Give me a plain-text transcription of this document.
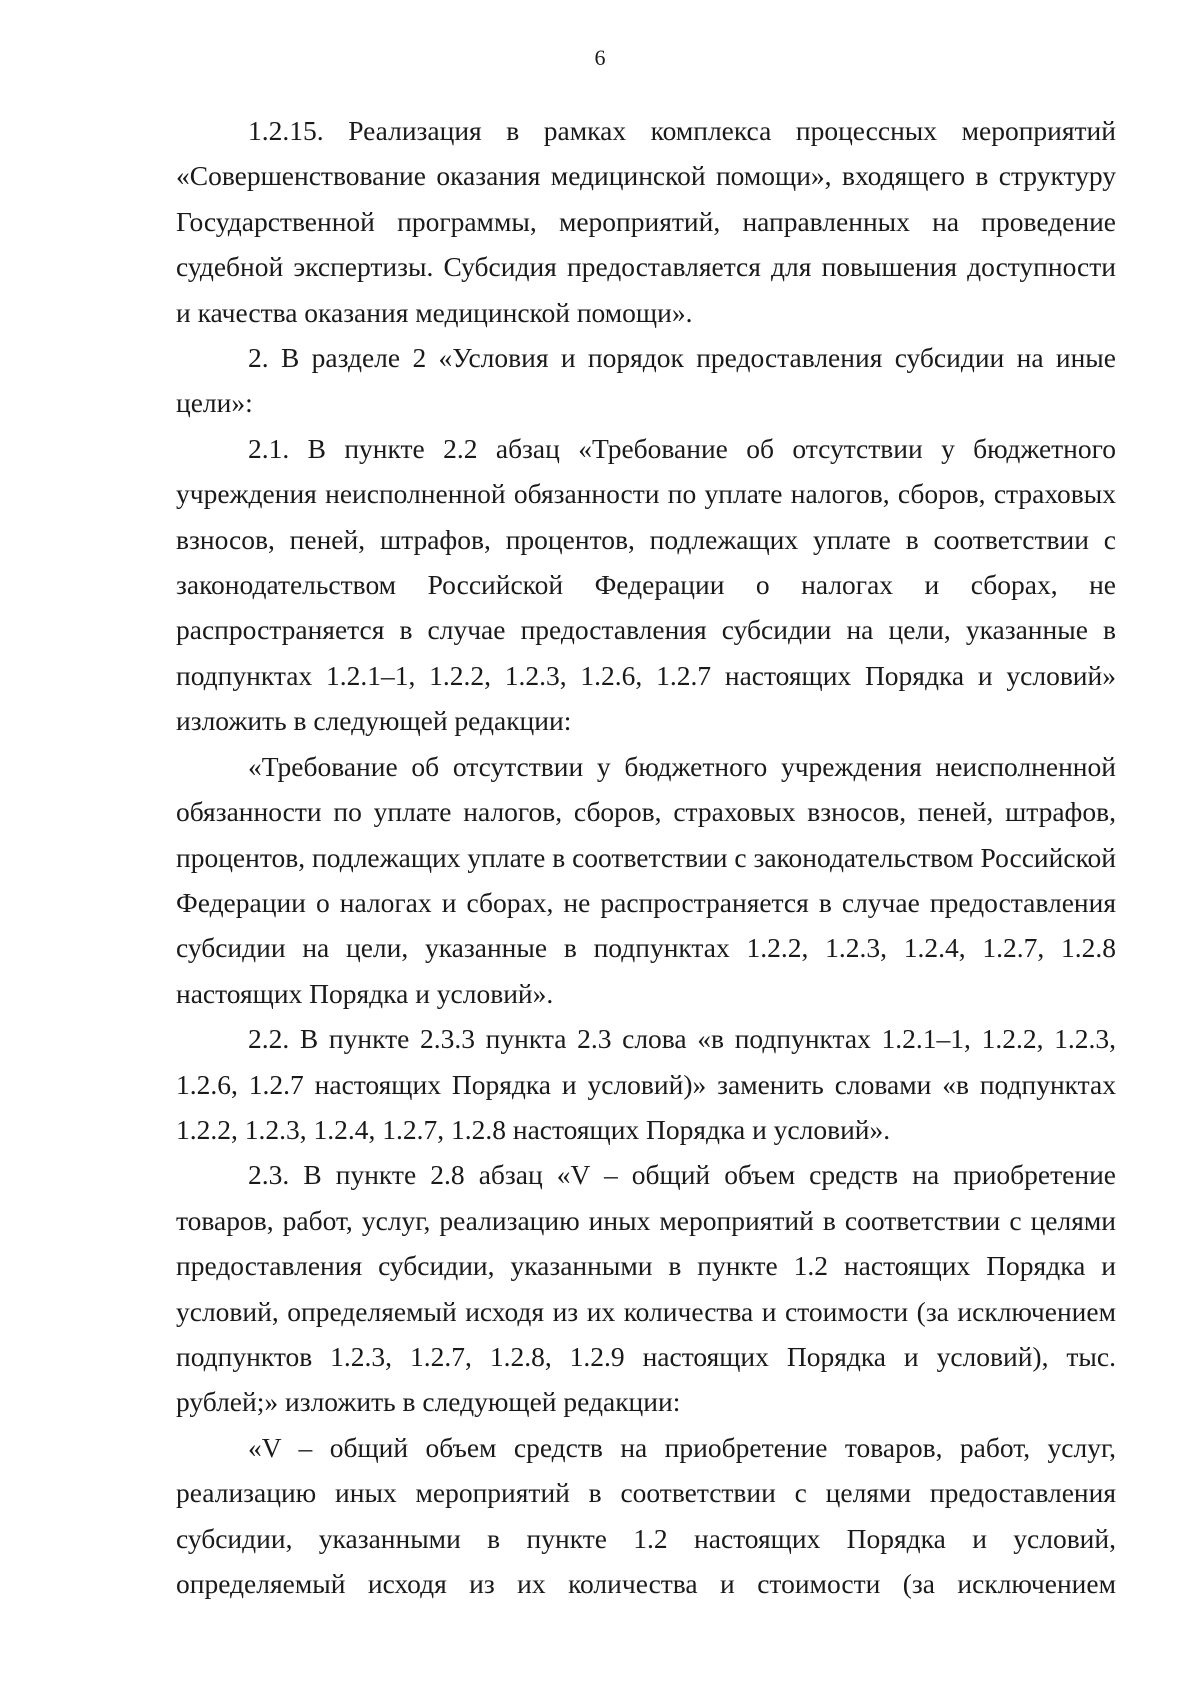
6

1.2.15. Реализация в рамках комплекса процессных мероприятий «Совершенствование оказания медицинской помощи», входящего в структуру Государственной программы, мероприятий, направленных на проведение судебной экспертизы. Субсидия предоставляется для повышения доступности и качества оказания медицинской помощи».

2. В разделе 2 «Условия и порядок предоставления субсидии на иные цели»:

2.1. В пункте 2.2 абзац «Требование об отсутствии у бюджетного учреждения неисполненной обязанности по уплате налогов, сборов, страховых взносов, пеней, штрафов, процентов, подлежащих уплате в соответствии с законодательством Российской Федерации о налогах и сборах, не распространяется в случае предоставления субсидии на цели, указанные в подпунктах 1.2.1–1, 1.2.2, 1.2.3, 1.2.6, 1.2.7 настоящих Порядка и условий» изложить в следующей редакции:

«Требование об отсутствии у бюджетного учреждения неисполненной обязанности по уплате налогов, сборов, страховых взносов, пеней, штрафов, процентов, подлежащих уплате в соответствии с законодательством Российской Федерации о налогах и сборах, не распространяется в случае предоставления субсидии на цели, указанные в подпунктах 1.2.2, 1.2.3, 1.2.4, 1.2.7, 1.2.8 настоящих Порядка и условий».

2.2. В пункте 2.3.3 пункта 2.3 слова «в подпунктах 1.2.1–1, 1.2.2, 1.2.3, 1.2.6, 1.2.7 настоящих Порядка и условий)» заменить словами «в подпунктах 1.2.2, 1.2.3, 1.2.4, 1.2.7, 1.2.8 настоящих Порядка и условий».

2.3. В пункте 2.8 абзац «V – общий объем средств на приобретение товаров, работ, услуг, реализацию иных мероприятий в соответствии с целями предоставления субсидии, указанными в пункте 1.2 настоящих Порядка и условий, определяемый исходя из их количества и стоимости (за исключением подпунктов 1.2.3, 1.2.7, 1.2.8, 1.2.9 настоящих Порядка и условий), тыс. рублей;» изложить в следующей редакции:

«V – общий объем средств на приобретение товаров, работ, услуг, реализацию иных мероприятий в соответствии с целями предоставления субсидии, указанными в пункте 1.2 настоящих Порядка и условий, определяемый исходя из их количества и стоимости (за исключением
